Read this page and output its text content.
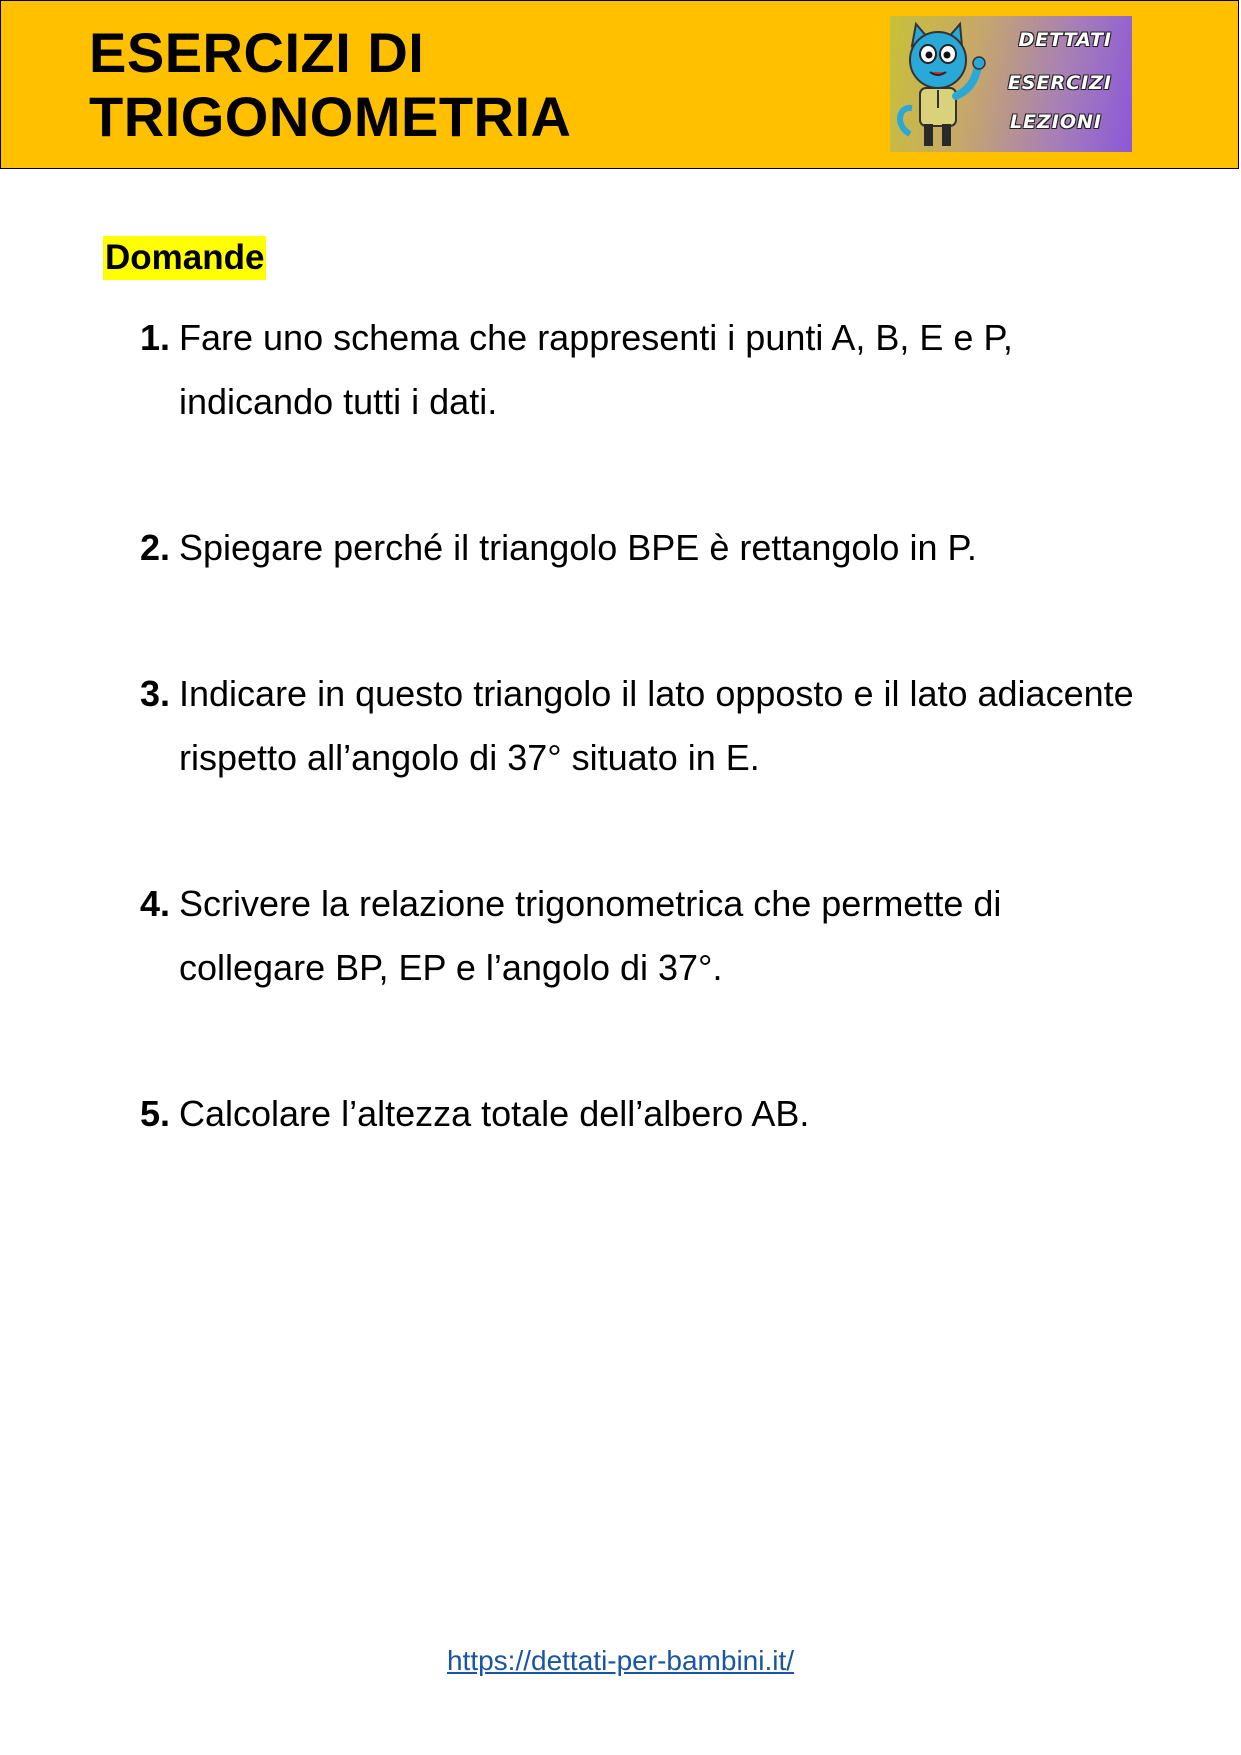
ESERCIZI DI
TRIGONOMETRIA
DETTATI
ESERCIZI
LEZIONI
Domande
1. Fare uno schema che rappresenti i punti A, B, E e P, indicando tutti i dati.
2. Spiegare perché il triangolo BPE è rettangolo in P.
3. Indicare in questo triangolo il lato opposto e il lato adiacente rispetto all’angolo di 37° situato in E.
4. Scrivere la relazione trigonometrica che permette di collegare BP, EP e l’angolo di 37°.
5. Calcolare l’altezza totale dell’albero AB.
https://dettati-per-bambini.it/
